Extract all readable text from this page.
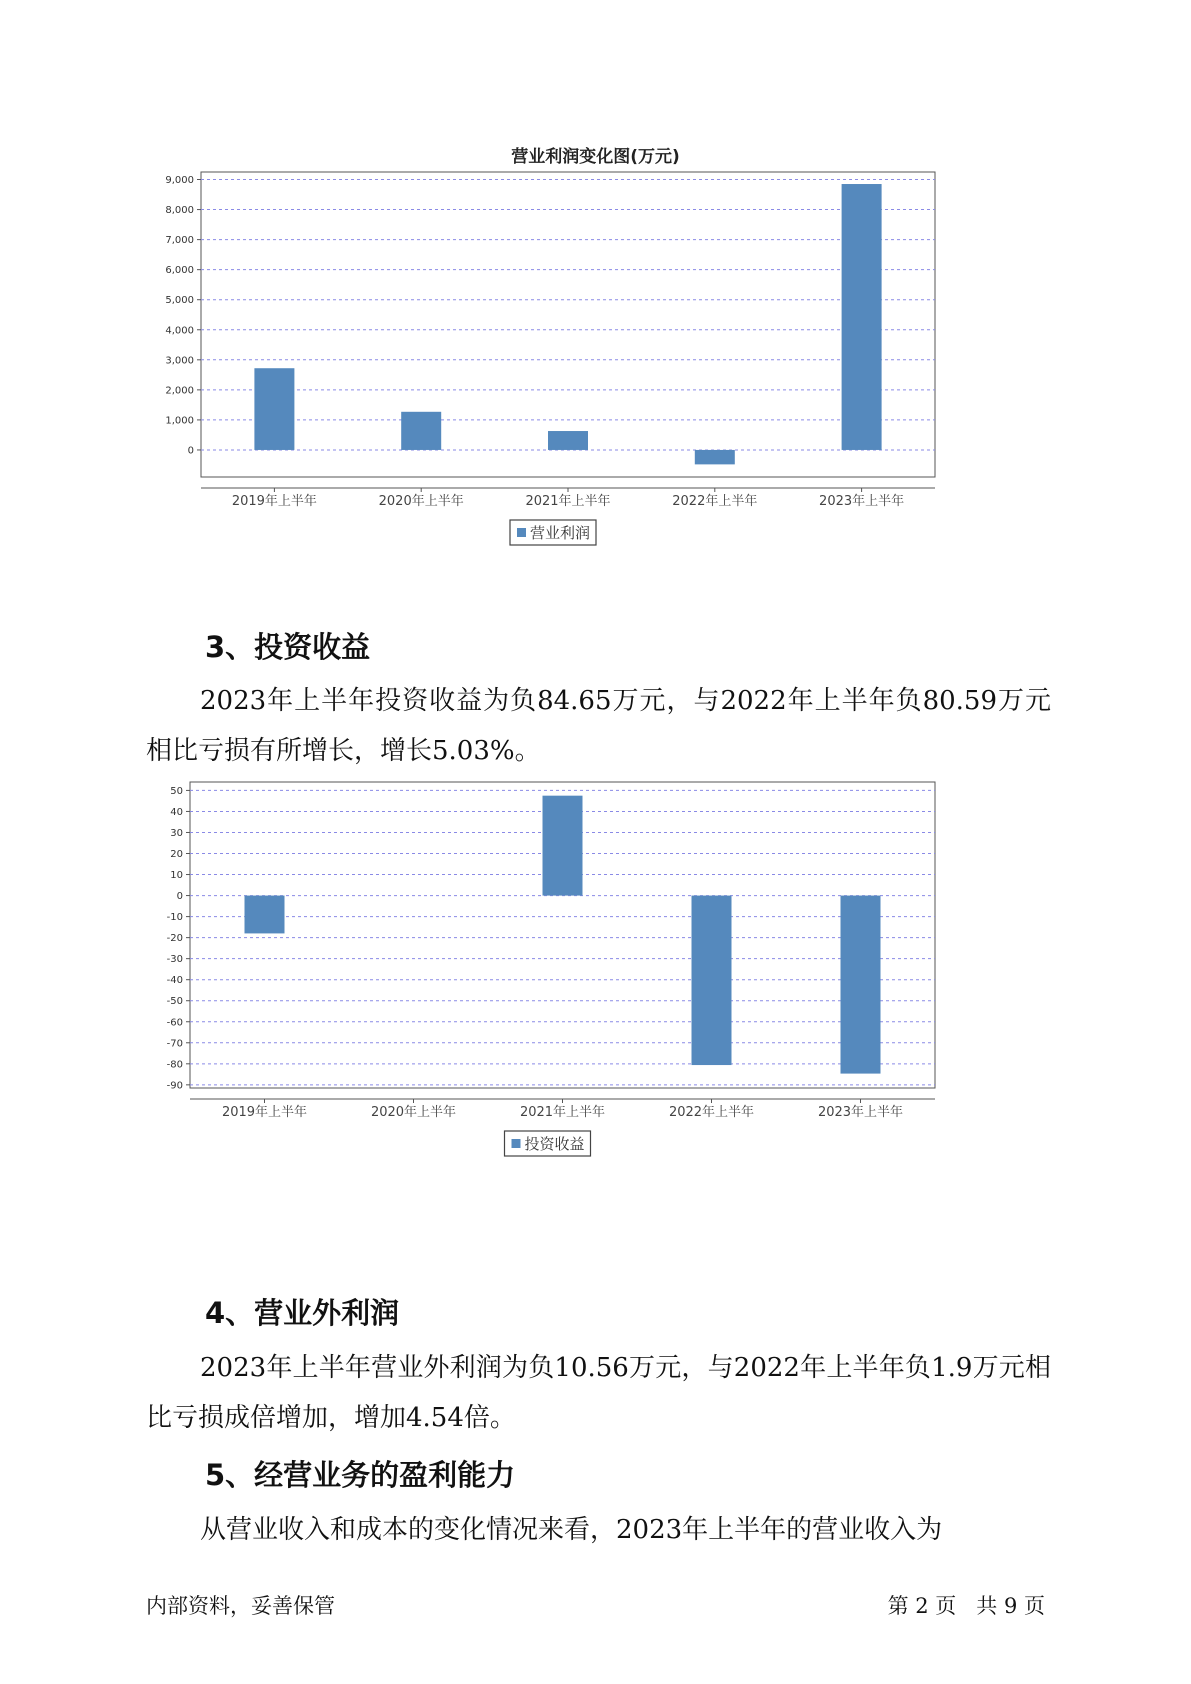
营业利润变化图(万元)
0
1,000
2,000
3,000
4,000
5,000
6,000
7,000
8,000
9,000
2019年上半年	2020年上半年	2021年上半年	2022年上半年	2023年上半年
营业利润
3、投资收益
2023年上半年投资收益为负84.65万元，与2022年上半年负80.59万元相比亏损有所增长，增长5.03%。
-90
-80
-70
-60
-50
-40
-30
-20
-10
0
10
20
30
40
50
2019年上半年	2020年上半年	2021年上半年	2022年上半年	2023年上半年
投资收益
4、营业外利润
2023年上半年营业外利润为负10.56万元，与2022年上半年负1.9万元相比亏损成倍增加，增加4.54倍。
5、经营业务的盈利能力
从营业收入和成本的变化情况来看，2023年上半年的营业收入为
内部资料，妥善保管	第 2 页 共 9 页
